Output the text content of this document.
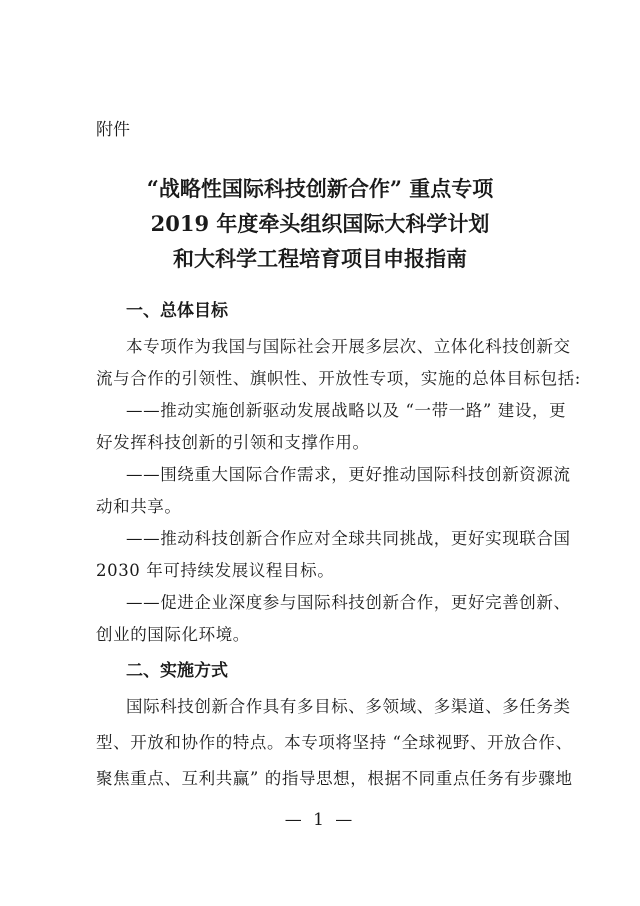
附件
“战略性国际科技创新合作” 重点专项
2019 年度牵头组织国际大科学计划
和大科学工程培育项目申报指南
一、总体目标
本专项作为我国与国际社会开展多层次、立体化科技创新交
流与合作的引领性、旗帜性、开放性专项，实施的总体目标包括:
——推动实施创新驱动发展战略以及 “一带一路” 建设，更
好发挥科技创新的引领和支撑作用。
——围绕重大国际合作需求，更好推动国际科技创新资源流
动和共享。
——推动科技创新合作应对全球共同挑战，更好实现联合国
2030 年可持续发展议程目标。
——促进企业深度参与国际科技创新合作，更好完善创新、
创业的国际化环境。
二、实施方式
国际科技创新合作具有多目标、多领域、多渠道、多任务类
型、开放和协作的特点。本专项将坚持 “全球视野、开放合作、
聚焦重点、互利共赢” 的指导思想，根据不同重点任务有步骤地
— 1 —
